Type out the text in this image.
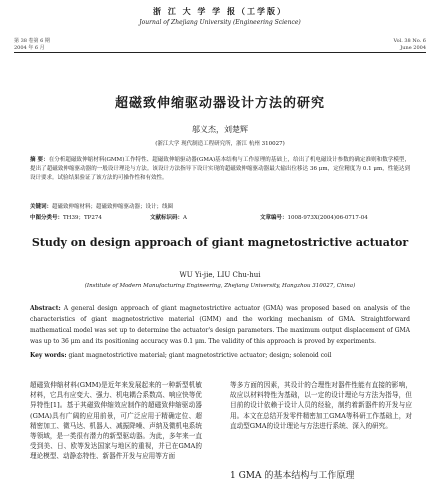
第 38 卷第 6 期
2004 年 6 月
浙 江 大 学 学 报（工学版）
Journal of Zhejiang University (Engineering Science)
Vol. 38 No. 6
June 2004
超磁致伸缩驱动器设计方法的研究
邬义杰，刘楚辉
(浙江大学 现代制造工程研究所，浙江 杭州 310027)
摘 要：在分析超磁致伸缩材料(GMM)工作特性、超磁致伸缩驱动器(GMA)基本结构与工作原理的基础上，给出了机电磁设计参数的确定准则和数学模型，提出了超磁致伸缩驱动器的一般设计理论与方法。该设计方法指导下设计实现的超磁致伸缩驱动器最大输出位移达 36 μm，定位精度为 0.1 μm，性能达到设计要求。试验结果验证了该方法的可操作性和有效性。
关键词：超磁致伸缩材料；超磁致伸缩驱动器；设计；线圈
中图分类号：TH39；TP274	文献标识码：A	文章编号：1008-973X(2004)06-0717-04
Study on design approach of giant magnetostrictive actuator
WU Yi-jie, LIU Chu-hui
(Institute of Modern Manufacturing Engineering, Zhejiang University, Hangzhou 310027, China)
Abstract: A general design approach of giant magnetostrictive actuator (GMA) was proposed based on analysis of the characteristics of giant magnetostrictive material (GMM) and the working mechanism of GMA. Straightforward mathematical model was set up to determine the actuator's design parameters. The maximum output displacement of GMA was up to 36 μm and its positioning accuracy was 0.1 μm. The validity of this approach is proved by experiments.
Key words: giant magnetostrictive material; giant magnetostrictive actuator; design; solenoid coil
超磁致伸缩材料(GMM)是近年来发展起来的一种新型机敏材料，它具有应变大、强力、机电耦合系数高、响应快等优异特性[1]。基于其磁致伸缩效应制作的超磁致伸缩驱动器(GMA)具有广阔的应用前景，可广泛应用于精确定位、超精密加工、微马达、机器人、减振降噪、声纳及微机电系统等领域，是一类很有潜力的新型驱动器。为此，多年来一直受到美、日、欧等发达国家与地区的重视，并已在GMA的理论模型、动静态特性、新器件开发与应用等方面
等多方面的因素，其设计的合理性对器件性能有直接的影响，故应以材料特性为基础，以一定的设计理论与方法为指导，但目前的设计依赖于设计人员的经验，制约着新器件的开发与应用。本文在总结开发零件精密加工GMA等科研工作基础上，对直动型GMA的设计理论与方法进行系统、深入的研究。
1 GMA 的基本结构与工作原理
